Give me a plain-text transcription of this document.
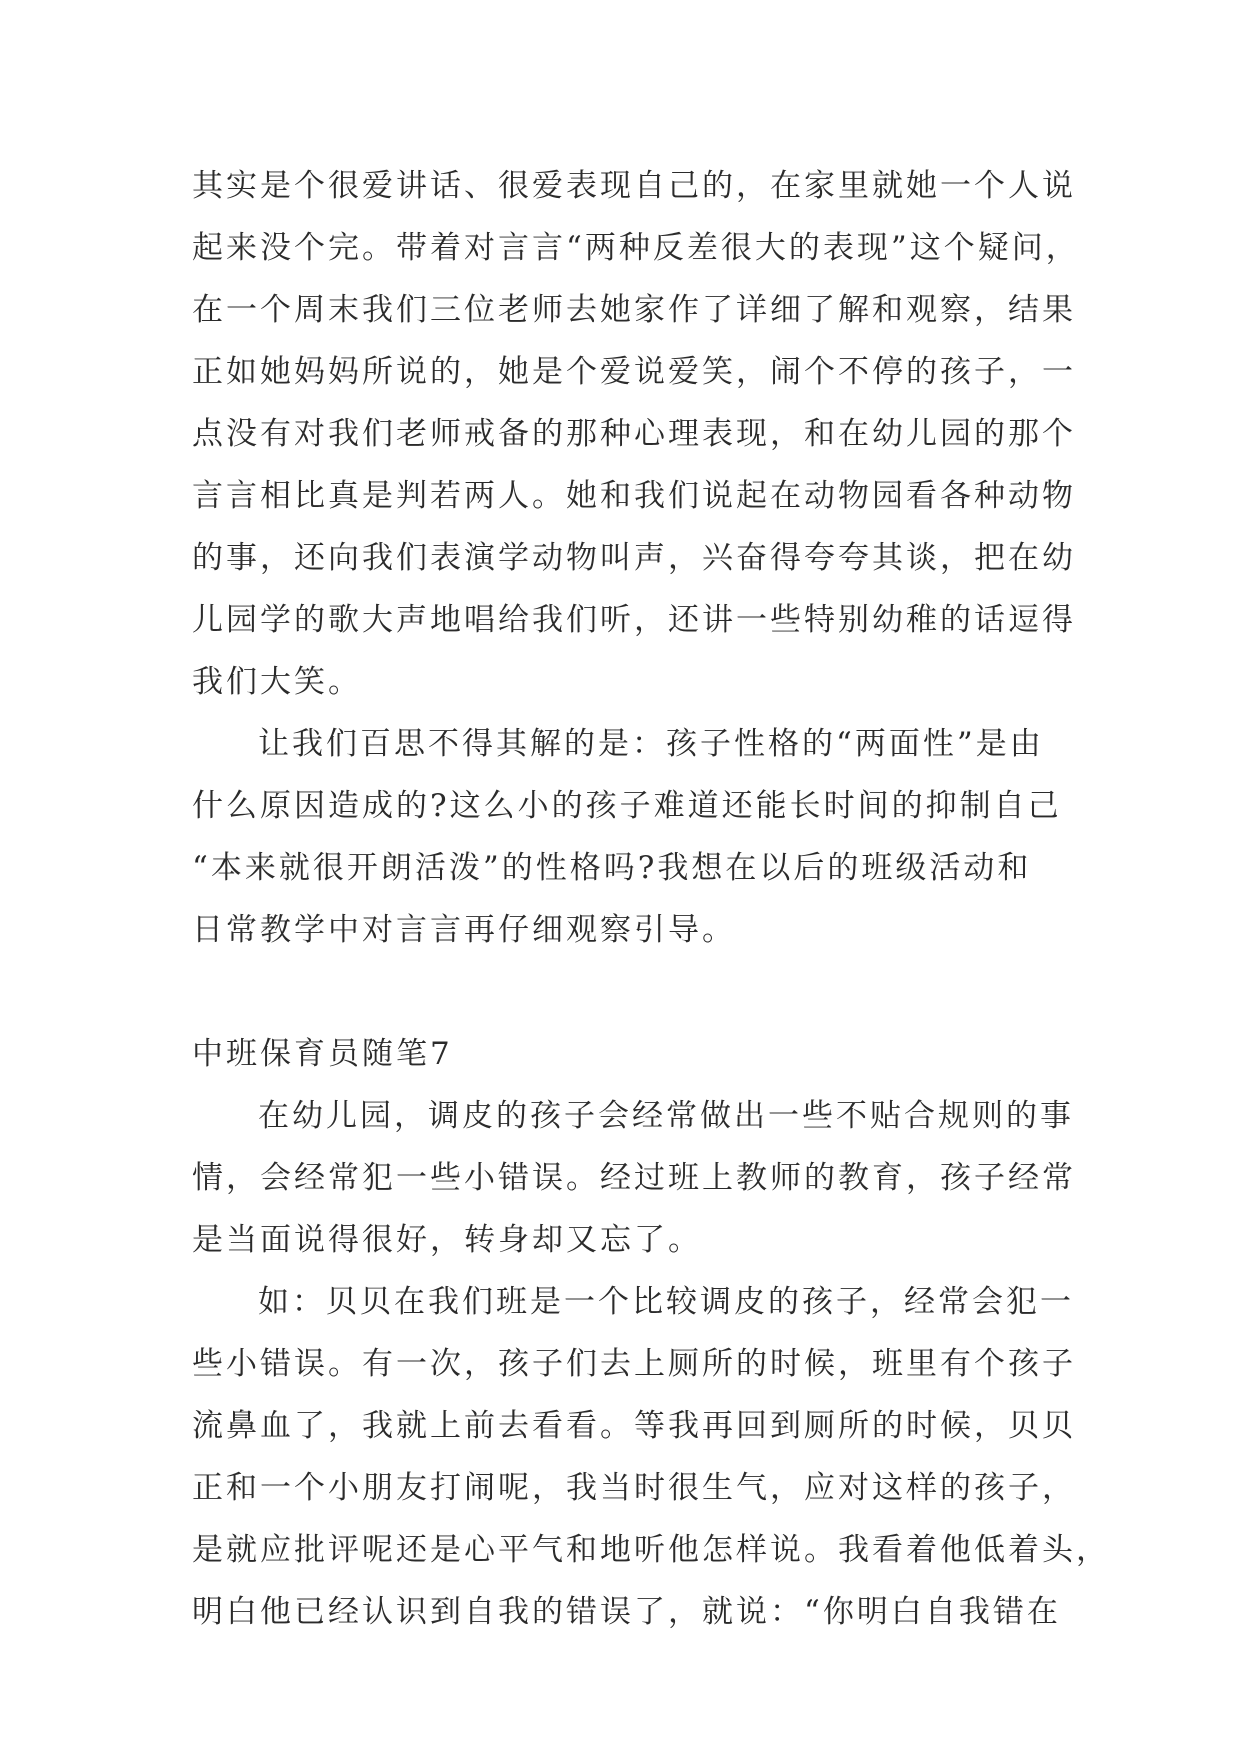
其实是个很爱讲话、很爱表现自己的，在家里就她一个人说
起来没个完。带着对言言“两种反差很大的表现”这个疑问，
在一个周末我们三位老师去她家作了详细了解和观察，结果
正如她妈妈所说的，她是个爱说爱笑，闹个不停的孩子，一
点没有对我们老师戒备的那种心理表现，和在幼儿园的那个
言言相比真是判若两人。她和我们说起在动物园看各种动物
的事，还向我们表演学动物叫声，兴奋得夸夸其谈，把在幼
儿园学的歌大声地唱给我们听，还讲一些特别幼稚的话逗得
我们大笑。
让我们百思不得其解的是：孩子性格的“两面性”是由
什么原因造成的?这么小的孩子难道还能长时间的抑制自己
“本来就很开朗活泼”的性格吗?我想在以后的班级活动和
日常教学中对言言再仔细观察引导。
中班保育员随笔7
在幼儿园，调皮的孩子会经常做出一些不贴合规则的事
情，会经常犯一些小错误。经过班上教师的教育，孩子经常
是当面说得很好，转身却又忘了。
如：贝贝在我们班是一个比较调皮的孩子，经常会犯一
些小错误。有一次，孩子们去上厕所的时候，班里有个孩子
流鼻血了，我就上前去看看。等我再回到厕所的时候，贝贝
正和一个小朋友打闹呢，我当时很生气，应对这样的孩子，
是就应批评呢还是心平气和地听他怎样说。我看着他低着头，
明白他已经认识到自我的错误了，就说：“你明白自我错在
